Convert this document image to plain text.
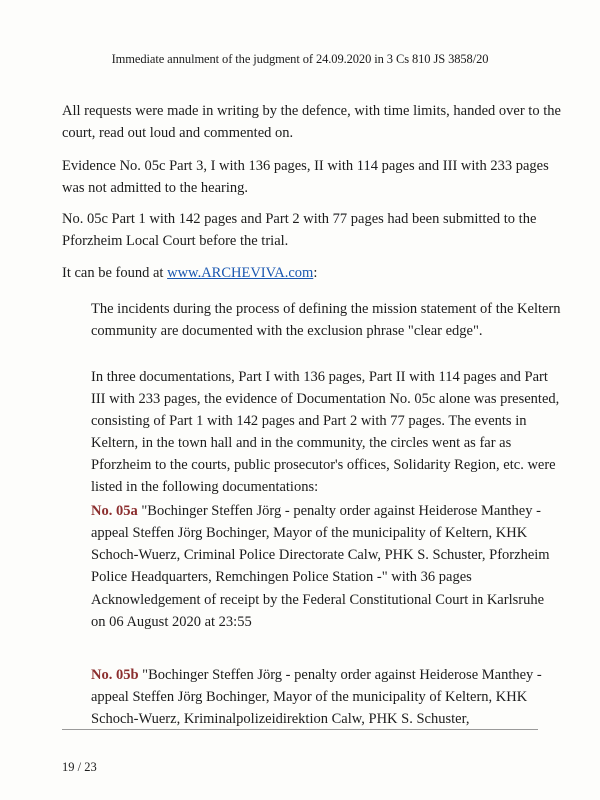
Immediate annulment of the judgment of 24.09.2020 in 3 Cs 810 JS 3858/20

All requests were made in writing by the defence, with time limits, handed over to the court, read out loud and commented on.

Evidence No. 05c Part 3, I with 136 pages, II with 114 pages and III with 233 pages was not admitted to the hearing.

No. 05c Part 1 with 142 pages and Part 2 with 77 pages had been submitted to the Pforzheim Local Court before the trial.

It can be found at www.ARCHEVIVA.com:

The incidents during the process of defining the mission statement of the Keltern community are documented with the exclusion phrase "clear edge".

In three documentations, Part I with 136 pages, Part II with 114 pages and Part III with 233 pages, the evidence of Documentation No. 05c alone was presented, consisting of Part 1 with 142 pages and Part 2 with 77 pages. The events in Keltern, in the town hall and in the community, the circles went as far as Pforzheim to the courts, public prosecutor's offices, Solidarity Region, etc. were listed in the following documentations:

No. 05a "Bochinger Steffen Jörg - penalty order against Heiderose Manthey - appeal Steffen Jörg Bochinger, Mayor of the municipality of Keltern, KHK Schoch-Wuerz, Criminal Police Directorate Calw, PHK S. Schuster, Pforzheim Police Headquarters, Remchingen Police Station -" with 36 pages

Acknowledgement of receipt by the Federal Constitutional Court in Karlsruhe on 06 August 2020 at 23:55

No. 05b "Bochinger Steffen Jörg - penalty order against Heiderose Manthey - appeal Steffen Jörg Bochinger, Mayor of the municipality of Keltern, KHK Schoch-Wuerz, Kriminalpolizeidirektion Calw, PHK S. Schuster,

19 / 23
